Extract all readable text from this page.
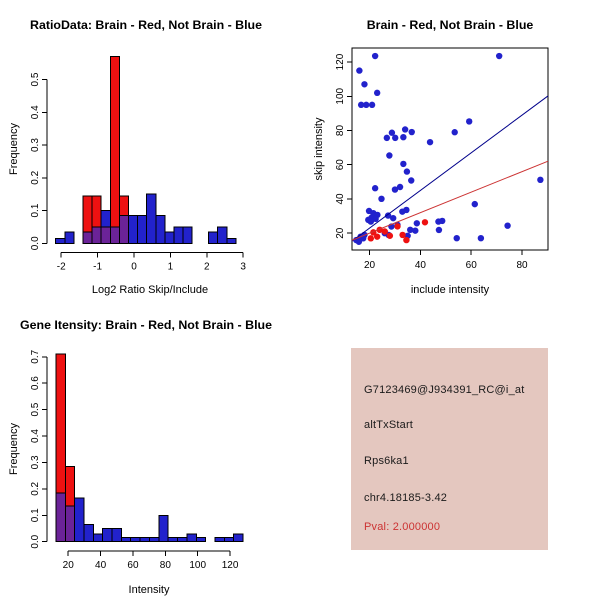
RatioData: Brain - Red, Not Brain - Blue	Brain - Red, Not Brain - Blue
Gene Itensity: Brain - Red, Not Brain - Blue
Log2 Ratio Skip/Include	include intensity
Intensity
Frequency	skip intensity
Frequency
0.0
0.1
0.2
0.3
0.4
0.5
-2	-1	0	1	2	3	20	40	60	80
20
40
60
80
100
120
0.0
0.1
0.2
0.3
0.4
0.5
0.6
0.7
20 40 60 80 100 120
G7123469@J934391_RC@i_at
altTxStart
Rps6ka1
chr4.18185-3.42
Pval: 2.000000
